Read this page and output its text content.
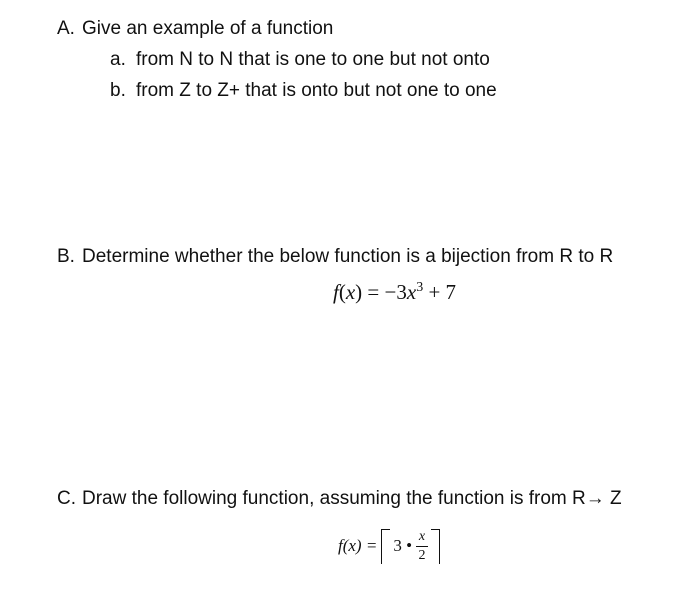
A. Give an example of a function
a. from N to N that is one to one but not onto
b. from Z to Z+ that is onto but not one to one
B. Determine whether the below function is a bijection from R to R
$f(x) = -3x^3 + 7$
C. Draw the following function, assuming the function is from R→ Z
f(x) = 3 • $\frac{x}{2}$
